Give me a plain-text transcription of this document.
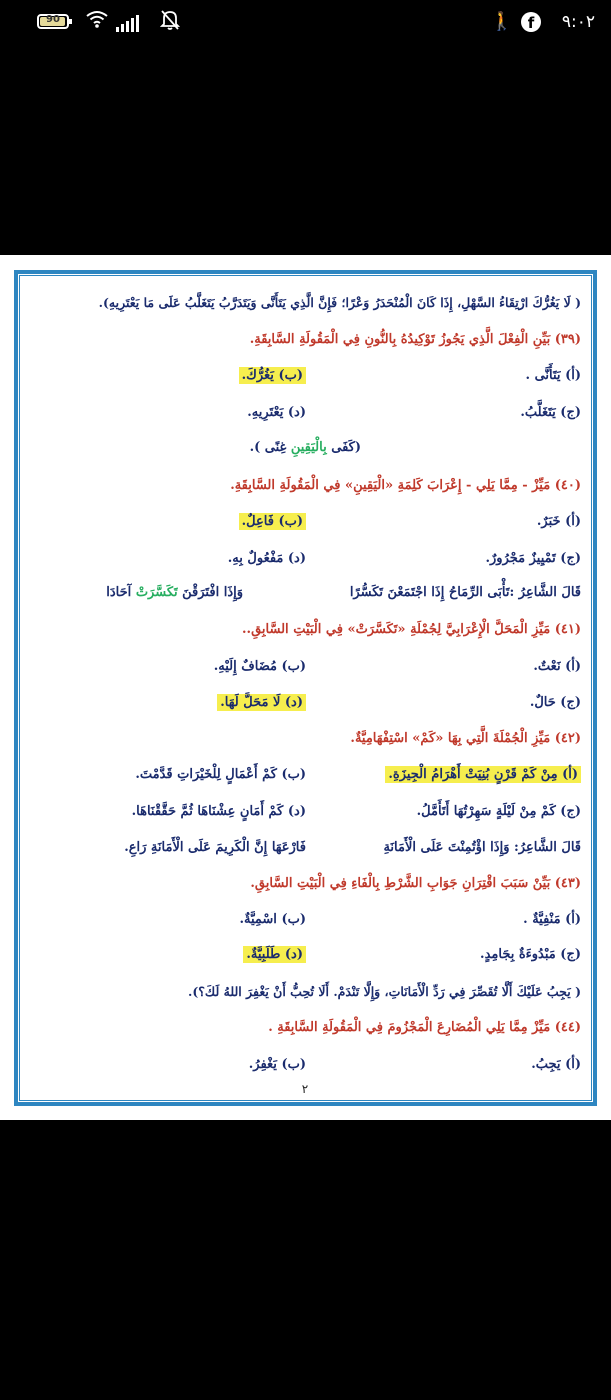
٩:٠٢
f
🚶
90
( لَا يَغُرُّكَ ارْتِقَاءُ السَّهْلِ، إِذَا كَانَ الْمُنْحَدَرُ وَعْرًا؛ فَإِنَّ الَّذِي يَتَأَنَّى وَيَتَدَرَّبُ يَتَغَلَّبُ عَلَى مَا يَعْتَرِيهِ).
(٣٩) بَيِّنِ الْفِعْلَ الَّذِي يَجُوزُ تَوْكِيدُهُ بِالنُّونِ فِي الْمَقُولَةِ السَّابِقَةِ.
(أ) يَتَأَنَّى .
(ب) يَغُرُّكَ.
(ج) يَتَغَلَّبُ.
(د) يَعْتَرِيهِ.
(كَفَى بِالْيَقِينِ غِنًى ).
(٤٠) مَيِّزْ - مِمَّا يَلِي - إِعْرَابَ كَلِمَةِ «الْيَقِينِ» فِي الْمَقُولَةِ السَّابِقَةِ.
(أ) خَبَرٌ.
(ب) فَاعِلٌ.
(ج) تَمْيِيزٌ مَجْرُورٌ.
(د) مَفْعُولٌ بِهِ.
قَالَ الشَّاعِرُ :تَأْبَى الرِّمَاحُ إِذَا اجْتَمَعْنَ تَكَسُّرًا
وَإِذَا افْتَرَقْنَ تَكَسَّرَتْ آحَادَا
(٤١) مَيِّزِ الْمَحَلَّ الْإِعْرَابِيَّ لِجُمْلَةِ «تَكَسَّرَتْ» فِي الْبَيْتِ السَّابِقِ..
(أ) نَعْتٌ.
(ب) مُضَافٌ إِلَيْهِ.
(ج) حَالٌ.
(د) لَا مَحَلَّ لَهَا.
(٤٢) مَيِّزِ الْجُمْلَةَ الَّتِي بِهَا «كَمْ» اسْتِفْهَامِيَّةٌ.
(أ) مِنْ كَمْ قَرْنٍ بُنِيَتْ أَهْرَامُ الْجِيزَةِ.
(ب) كَمْ أَعْمَالٍ لِلْخَيْرَاتِ قَدَّمْتَ.
(ج) كَمْ مِنْ لَيْلَةٍ سَهِرْتُهَا أَتَأَمَّلُ.
(د) كَمْ أَمَانٍ عِشْنَاهَا ثُمَّ حَقَّقْنَاهَا.
قَالَ الشَّاعِرُ: وَإِذَا اؤْتُمِنْتَ عَلَى الْأَمَانَةِ
فَارْعَهَا إِنَّ الْكَرِيمَ عَلَى الْأَمَانَةِ رَاعِ.
(٤٣) بَيِّنْ سَبَبَ اقْتِرَانِ جَوَابِ الشَّرْطِ بِالْفَاءِ فِي الْبَيْتِ السَّابِقِ.
(أ) مَنْفِيَّةٌ .
(ب) اسْمِيَّةٌ.
(ج) مَبْدُوءَةٌ بِجَامِدٍ.
(د) طَلَبِيَّةٌ.
( يَجِبُ عَلَيْكَ أَلَّا تُقَصِّرَ فِي رَدِّ الْأَمَانَاتِ، وَإِلَّا تَنْدَمْ. أَلَا تُحِبُّ أَنْ يَغْفِرَ اللهُ لَكَ؟).
(٤٤) مَيِّزْ مِمَّا يَلِي الْمُضَارِعَ الْمَجْزُومَ فِي الْمَقُولَةِ السَّابِقَةِ .
(أ) يَجِبُ.
(ب) يَغْفِرُ.
٢
